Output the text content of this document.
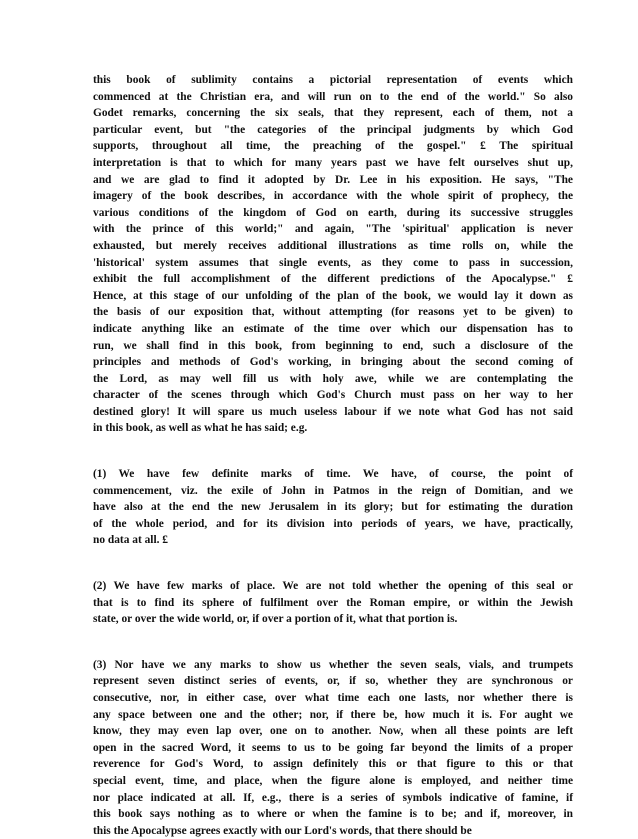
this book of sublimity contains a pictorial representation of events which
commenced at the Christian era, and will run on to the end of the world." So also
Godet remarks, concerning the six seals, that they represent, each of them, not a
particular event, but "the categories of the principal judgments by which God
supports, throughout all time, the preaching of the gospel." £ The spiritual
interpretation is that to which for many years past we have felt ourselves shut up,
and we are glad to find it adopted by Dr. Lee in his exposition. He says, "The
imagery of the book describes, in accordance with the whole spirit of prophecy, the
various conditions of the kingdom of God on earth, during its successive struggles
with the prince of this world;" and again, "The 'spiritual' application is never
exhausted, but merely receives additional illustrations as time rolls on, while the
'historical' system assumes that single events, as they come to pass in succession,
exhibit the full accomplishment of the different predictions of the Apocalypse." £
Hence, at this stage of our unfolding of the plan of the book, we would lay it down as
the basis of our exposition that, without attempting (for reasons yet to be given) to
indicate anything like an estimate of the time over which our dispensation has to
run, we shall find in this book, from beginning to end, such a disclosure of the
principles and methods of God's working, in bringing about the second coming of
the Lord, as may well fill us with holy awe, while we are contemplating the
character of the scenes through which God's Church must pass on her way to her
destined glory! It will spare us much useless labour if we note what God has not said
in this book, as well as what he has said; e.g.

(1) We have few definite marks of time. We have, of course, the point of
commencement, viz. the exile of John in Patmos in the reign of Domitian, and we
have also at the end the new Jerusalem in its glory; but for estimating the duration
of the whole period, and for its division into periods of years, we have, practically,
no data at all. £

(2) We have few marks of place. We are not told whether the opening of this seal or
that is to find its sphere of fulfilment over the Roman empire, or within the Jewish
state, or over the wide world, or, if over a portion of it, what that portion is.

(3) Nor have we any marks to show us whether the seven seals, vials, and trumpets
represent seven distinct series of events, or, if so, whether they are synchronous or
consecutive, nor, in either case, over what time each one lasts, nor whether there is
any space between one and the other; nor, if there be, how much it is. For aught we
know, they may even lap over, one on to another. Now, when all these points are left
open in the sacred Word, it seems to us to be going far beyond the limits of a proper
reverence for God's Word, to assign definitely this or that figure to this or that
special event, time, and place, when the figure alone is employed, and neither time
nor place indicated at all. If, e.g., there is a series of symbols indicative of famine, if
this book says nothing as to where or when the famine is to be; and if, moreover, in
this the Apocalypse agrees exactly with our Lord's words, that there should be
